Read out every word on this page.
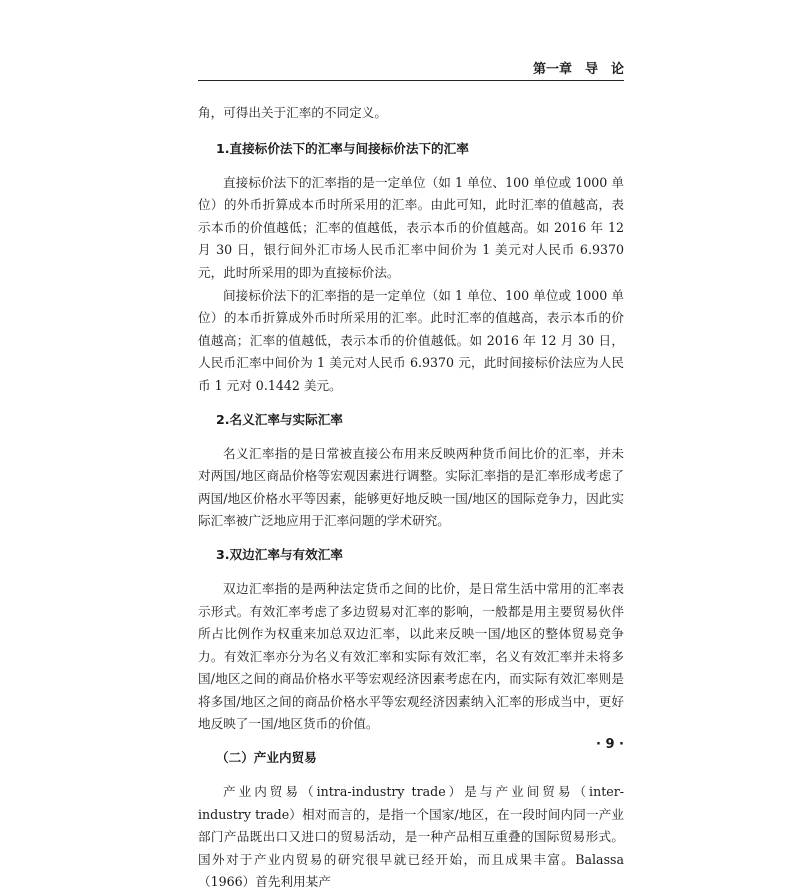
第一章　导　论

角，可得出关于汇率的不同定义。

1.直接标价法下的汇率与间接标价法下的汇率

直接标价法下的汇率指的是一定单位（如 1 单位、100 单位或 1000 单位）的外币折算成本币时所采用的汇率。由此可知，此时汇率的值越高，表示本币的价值越低；汇率的值越低，表示本币的价值越高。如 2016 年 12 月 30 日，银行间外汇市场人民币汇率中间价为 1 美元对人民币 6.9370 元，此时所采用的即为直接标价法。

间接标价法下的汇率指的是一定单位（如 1 单位、100 单位或 1000 单位）的本币折算成外币时所采用的汇率。此时汇率的值越高，表示本币的价值越高；汇率的值越低，表示本币的价值越低。如 2016 年 12 月 30 日，人民币汇率中间价为 1 美元对人民币 6.9370 元，此时间接标价法应为人民币 1 元对 0.1442 美元。

2.名义汇率与实际汇率

名义汇率指的是日常被直接公布用来反映两种货币间比价的汇率，并未对两国/地区商品价格等宏观因素进行调整。实际汇率指的是汇率形成考虑了两国/地区价格水平等因素，能够更好地反映一国/地区的国际竞争力，因此实际汇率被广泛地应用于汇率问题的学术研究。

3.双边汇率与有效汇率

双边汇率指的是两种法定货币之间的比价，是日常生活中常用的汇率表示形式。有效汇率考虑了多边贸易对汇率的影响，一般都是用主要贸易伙伴所占比例作为权重来加总双边汇率，以此来反映一国/地区的整体贸易竞争力。有效汇率亦分为名义有效汇率和实际有效汇率，名义有效汇率并未将多国/地区之间的商品价格水平等宏观经济因素考虑在内，而实际有效汇率则是将多国/地区之间的商品价格水平等宏观经济因素纳入汇率的形成当中，更好地反映了一国/地区货币的价值。

（二）产业内贸易

产业内贸易（intra-industry trade）是与产业间贸易（inter-industry trade）相对而言的，是指一个国家/地区，在一段时间内同一产业部门产品既出口又进口的贸易活动，是一种产品相互重叠的国际贸易形式。国外对于产业内贸易的研究很早就已经开始，而且成果丰富。Balassa（1966）首先利用某产

· 9 ·
